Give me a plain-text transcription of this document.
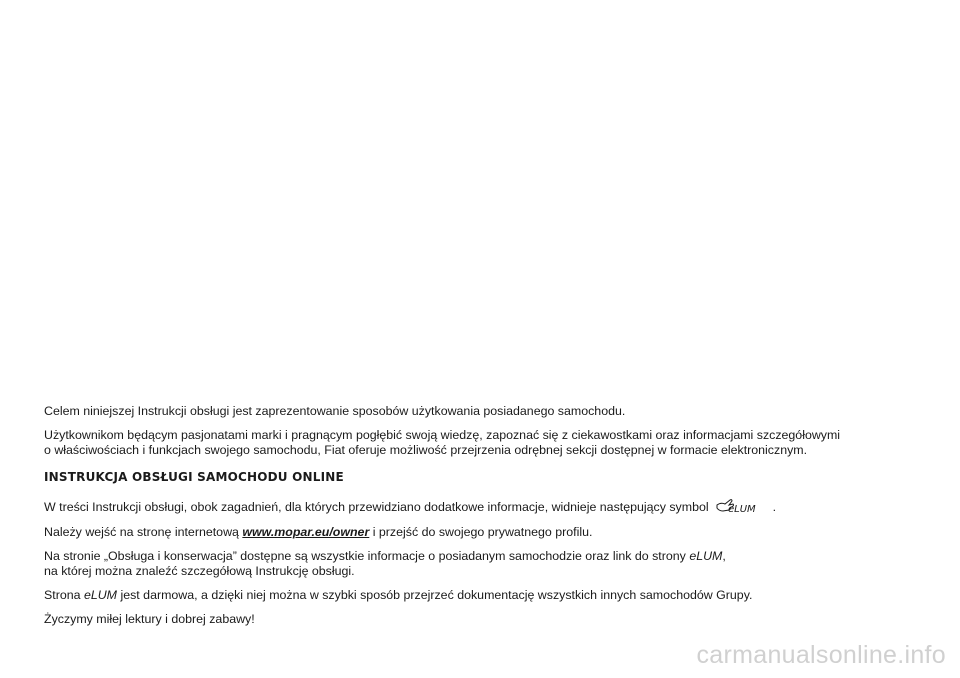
Celem niniejszej Instrukcji obsługi jest zaprezentowanie sposobów użytkowania posiadanego samochodu.

Użytkownikom będącym pasjonatami marki i pragnącym pogłębić swoją wiedzę, zapoznać się z ciekawostkami oraz informacjami szczegółowymi
o właściwościach i funkcjach swojego samochodu, Fiat oferuje możliwość przejrzenia odrębnej sekcji dostępnej w formacie elektronicznym.

INSTRUKCJA OBSŁUGI SAMOCHODU ONLINE

W treści Instrukcji obsługi, obok zagadnień, dla których przewidziano dodatkowe informacje, widnieje następujący symbol eLUM .

Należy wejść na stronę internetową www.mopar.eu/owner i przejść do swojego prywatnego profilu.

Na stronie „Obsługa i konserwacja” dostępne są wszystkie informacje o posiadanym samochodzie oraz link do strony eLUM,
na której można znaleźć szczegółową Instrukcję obsługi.

Strona eLUM jest darmowa, a dzięki niej można w szybki sposób przejrzeć dokumentację wszystkich innych samochodów Grupy.

Życzymy miłej lektury i dobrej zabawy!

carmanualsonline.info
